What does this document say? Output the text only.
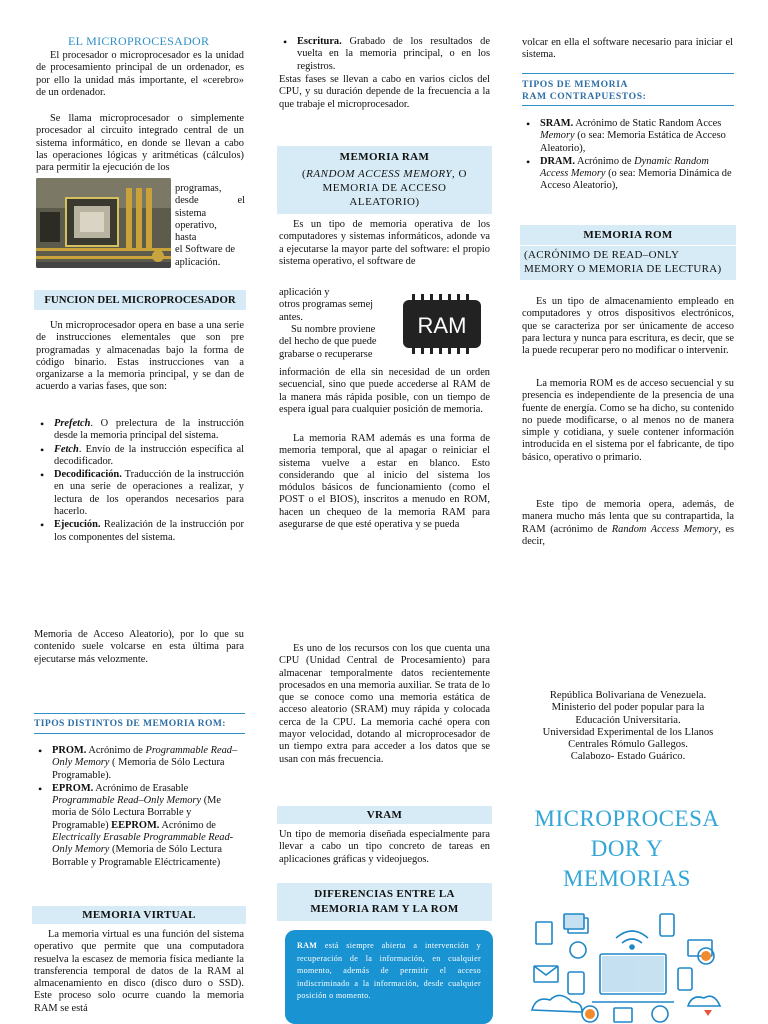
EL MICROPROCESADOR
El procesador o microprocesador es la unidad de procesamiento principal de un ordenador, es por ello la unidad más importante, el «cerebro» de un ordenador.
Se llama microprocesador o simplemente procesador al circuito integrado central de un sistema informático, en donde se llevan a cabo las operaciones lógicas y aritméticas (cálculos) para permitir la ejecución de los
programas,
desde el
sistema
operativo,
hasta
el Software de
aplicación.
FUNCION DEL MICROPROCESADOR
Un microprocesador opera en base a una serie de instrucciones elementales que son pre programadas y almacenadas bajo la forma de código binario. Estas instrucciones van a organizarse a la memoria principal, y se dan de acuerdo a varias fases, que son:
• Prefetch. O prelectura de la instrucción desde la memoria principal del sistema.
• Fetch. Envío de la instrucción específica al decodificador.
• Decodificación. Traducción de la instrucción en una serie de operaciones a realizar, y lectura de los operandos necesarios para hacerlo.
• Ejecución. Realización de la instrucción por los componentes del sistema.
• Escritura. Grabado de los resultados de vuelta en la memoria principal, o en los registros.
Estas fases se llevan a cabo en varios ciclos del CPU, y su duración depende de la frecuencia a la que trabaje el microprocesador.
MEMORIA RAM
(RANDOM ACCESS MEMORY, O MEMORIA DE ACCESO ALEATORIO)
Es un tipo de memoria operativa de los computadores y sistemas informáticos, adonde va a ejecutarse la mayor parte del software: el propio sistema operativo, el software de
aplicación y
otros programas semej
antes.
Su nombre proviene
del hecho de que puede
grabarse o recuperarse
RAM
información de ella sin necesidad de un orden secuencial, sino que puede accederse al RAM de la manera más rápida posible, con un tiempo de espera igual para cualquier posición de memoria.
La memoria RAM además es una forma de memoria temporal, que al apagar o reiniciar el sistema vuelve a estar en blanco. Esto considerando que al inicio del sistema los módulos básicos de funcionamiento (como el POST o el BIOS), inscritos a menudo en ROM, hacen un chequeo de la memoria RAM para asegurarse de que esté operativa y se pueda
volcar en ella el software necesario para iniciar el sistema.
TIPOS DE MEMORIA
RAM CONTRAPUESTOS:
• SRAM. Acrónimo de Static Random Acces Memory (o sea: Memoria Estática de Acceso Aleatorio),
• DRAM. Acrónimo de Dynamic Random Access Memory (o sea: Memoria Dinámica de Acceso Aleatorio),
MEMORIA ROM
(ACRÓNIMO DE READ–ONLY MEMORY O MEMORIA DE LECTURA)
Es un tipo de almacenamiento empleado en computadores y otros dispositivos electrónicos, que se caracteriza por ser únicamente de acceso para lectura y nunca para escritura, es decir, que se la puede recuperar pero no modificar o intervenir.
La memoria ROM es de acceso secuencial y su presencia es independiente de la presencia de una fuente de energía. Como se ha dicho, su contenido no puede modificarse, o al menos no de manera simple y cotidiana, y suele contener información introducida en el sistema por el fabricante, de tipo básico, operativo o primario.
Este tipo de memoria opera, además, de manera mucho más lenta que su contrapartida, la RAM (acrónimo de Random Access Memory, es decir,
Memoria de Acceso Aleatorio), por lo que su contenido suele volcarse en esta última para ejecutarse más velozmente.
TIPOS DISTINTOS DE MEMORIA ROM:
• PROM. Acrónimo de Programmable Read–Only Memory ( Memoria de Sólo Lectura Programable).
• EPROM. Acrónimo de Erasable Programmable Read–Only Memory (Me moria de Sólo Lectura Borrable y Programable) EEPROM. Acrónimo de Electrically Erasable Programmable Read-Only Memory (Memoria de Sólo Lectura Borrable y Programable Eléctricamente)
MEMORIA VIRTUAL
La memoria virtual es una función del sistema operativo que permite que una computadora resuelva la escasez de memoria física mediante la transferencia temporal de datos de la RAM al almacenamiento en disco (disco duro o SSD). Este proceso solo ocurre cuando la memoria RAM se está
Es uno de los recursos con los que cuenta una CPU (Unidad Central de Procesamiento) para almacenar temporalmente datos recientemente procesados en una memoria auxiliar. Se trata de lo que se conoce como una memoria estática de acceso aleatorio (SRAM) muy rápida y colocada cerca de la CPU. La memoria caché opera con mayor velocidad, dotando al microprocesador de un tiempo extra para acceder a los datos que se usan con más frecuencia.
VRAM
Un tipo de memoria diseñada especialmente para llevar a cabo un tipo concreto de tareas en aplicaciones gráficas y videojuegos.
DIFERENCIAS ENTRE LA MEMORIA RAM Y LA ROM
RAM está siempre abierta a intervención y recuperación de la información, en cualquier momento, además de permitir el acceso indiscriminado a la información, desde cualquier posición o momento.
República Bolivariana de Venezuela.
Ministerio del poder popular para la
Educación Universitaria.
Universidad Experimental de los Llanos
Centrales Rómulo Gallegos.
Calabozo- Estado Guárico.
MICROPROCESA
DOR Y
MEMORIAS
